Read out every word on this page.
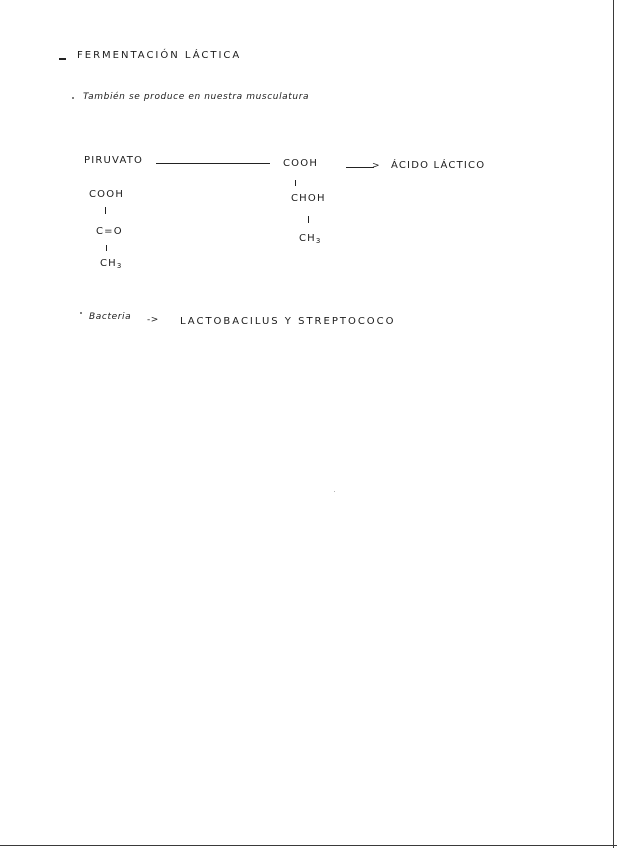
FERMENTACIÓN LÁCTICA
También se produce en nuestra musculatura
PIRUVATO
COOH
C=O
$CH_3$
COOH
CHOH
$CH_3$
> ÁCIDO LÁCTICO
Bacteria -> LACTOBACILUS Y STREPTOCOCO
